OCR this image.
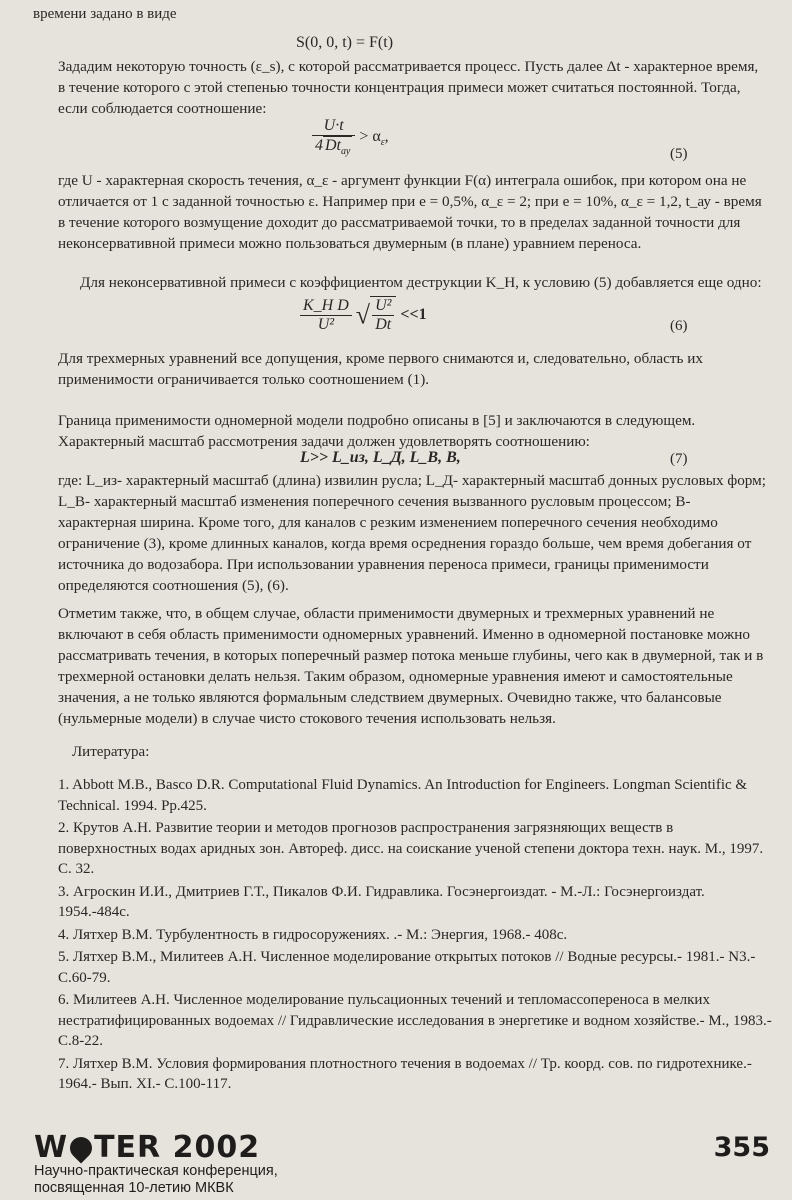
времени задано в виде

S(0, 0, t) = F(t)

Зададим некоторую точность (ε_s), с которой рассматривается процесс. Пусть далее Δt - характерное время, в течение которого с этой степенью точности концентрация примеси может считаться постоянной. Тогда, если соблюдается соотношение:

$\frac{U\cdot t}{4 Dt_{ау}} > \alpha_\varepsilon$,
(5)

где U - характерная скорость течения, α_ε - аргумент функции F(α) интеграла ошибок, при котором она не отличается от 1 с заданной точностью ε. Например при e = 0,5%, α_ε = 2; при e = 10%, α_ε = 1,2, t_ау - время в течение которого возмущение доходит до рассматриваемой точки, то в пределах заданной точности для неконсервативной примеси можно пользоваться двумерным (в плане) уравнием переноса.

Для неконсервативной примеси с коэффициентом деструкции K_H, к условию (5) добавляется еще одно:

$\frac{\text{K\_H D}}{\text{U²}}$ √ $\frac{\text{U²}}{Dt} <<1$
(6)

Для трехмерных уравнений все допущения, кроме первого снимаются и, следовательно, область их применимости ограничивается только соотношением (1).

Граница применимости одномерной модели подробно описаны в [5] и заключаются в следующем. Характерный масштаб рассмотрения задачи должен удовлетворять соотношению:

L>> L_из, L_Д, L_В, B,	(7)

где: L_из- характерный масштаб (длина) извилин русла; L_Д- характерный масштаб донных русловых форм; L_В- характерный масштаб изменения поперечного сечения вызванного русловым процессом; B- характерная ширина. Кроме того, для каналов с резким изменением поперечного сечения необходимо ограничение (3), кроме длинных каналов, когда время осреднения гораздо больше, чем время добегания от источника до водозабора. При использовании уравнения переноса примеси, границы применимости определяются соотношения (5), (6).

Отметим также, что, в общем случае, области применимости двумерных и трехмерных уравнений не включают в себя область применимости одномерных уравнений. Именно в одномерной постановке можно рассматривать течения, в которых поперечный размер потока меньше глубины, чего как в двумерной, так и в трехмерной остановки делать нельзя. Таким образом, одномерные уравнения имеют и самостоятельные значения, а не только являются формальным следствием двумерных. Очевидно также, что балансовые (нульмерные модели) в случае чисто стокового течения использовать нельзя.

Литература:

1. Abbott M.B., Basco D.R. Computational Fluid Dynamics. An Introduction for Engineers. Longman Scientific & Technical. 1994. Pp.425.
2. Крутов А.Н. Развитие теории и методов прогнозов распространения загрязняющих веществ в поверхностных водах аридных зон. Автореф. дисс. на соискание ученой степени доктора техн. наук. М., 1997. С. 32.
3. Агроскин И.И., Дмитриев Г.Т., Пикалов Ф.И. Гидравлика. Госэнергоиздат. - М.-Л.: Госэнергоиздат. 1954.-484с.
4. Лятхер В.М. Турбулентность в гидросоружениях. .- М.: Энергия, 1968.- 408с.
5. Лятхер В.М., Милитеев А.Н. Численное моделирование открытых потоков // Водные ресурсы.- 1981.- N3.- С.60-79.
6. Милитеев А.Н. Численное моделирование пульсационных течений и тепломассопереноса в мелких нестратифицированных водоемах // Гидравлические исследования в энергетике и водном хозяйстве.- М., 1983.- С.8-22.
7. Лятхер В.М. Условия формирования плотностного течения в водоемах // Тр. коорд. сов. по гидротехнике.- 1964.- Вып. XI.- С.100-117.
W TER 2002
Научно-практическая конференция,
посвященная 10-летию МКВК
355
